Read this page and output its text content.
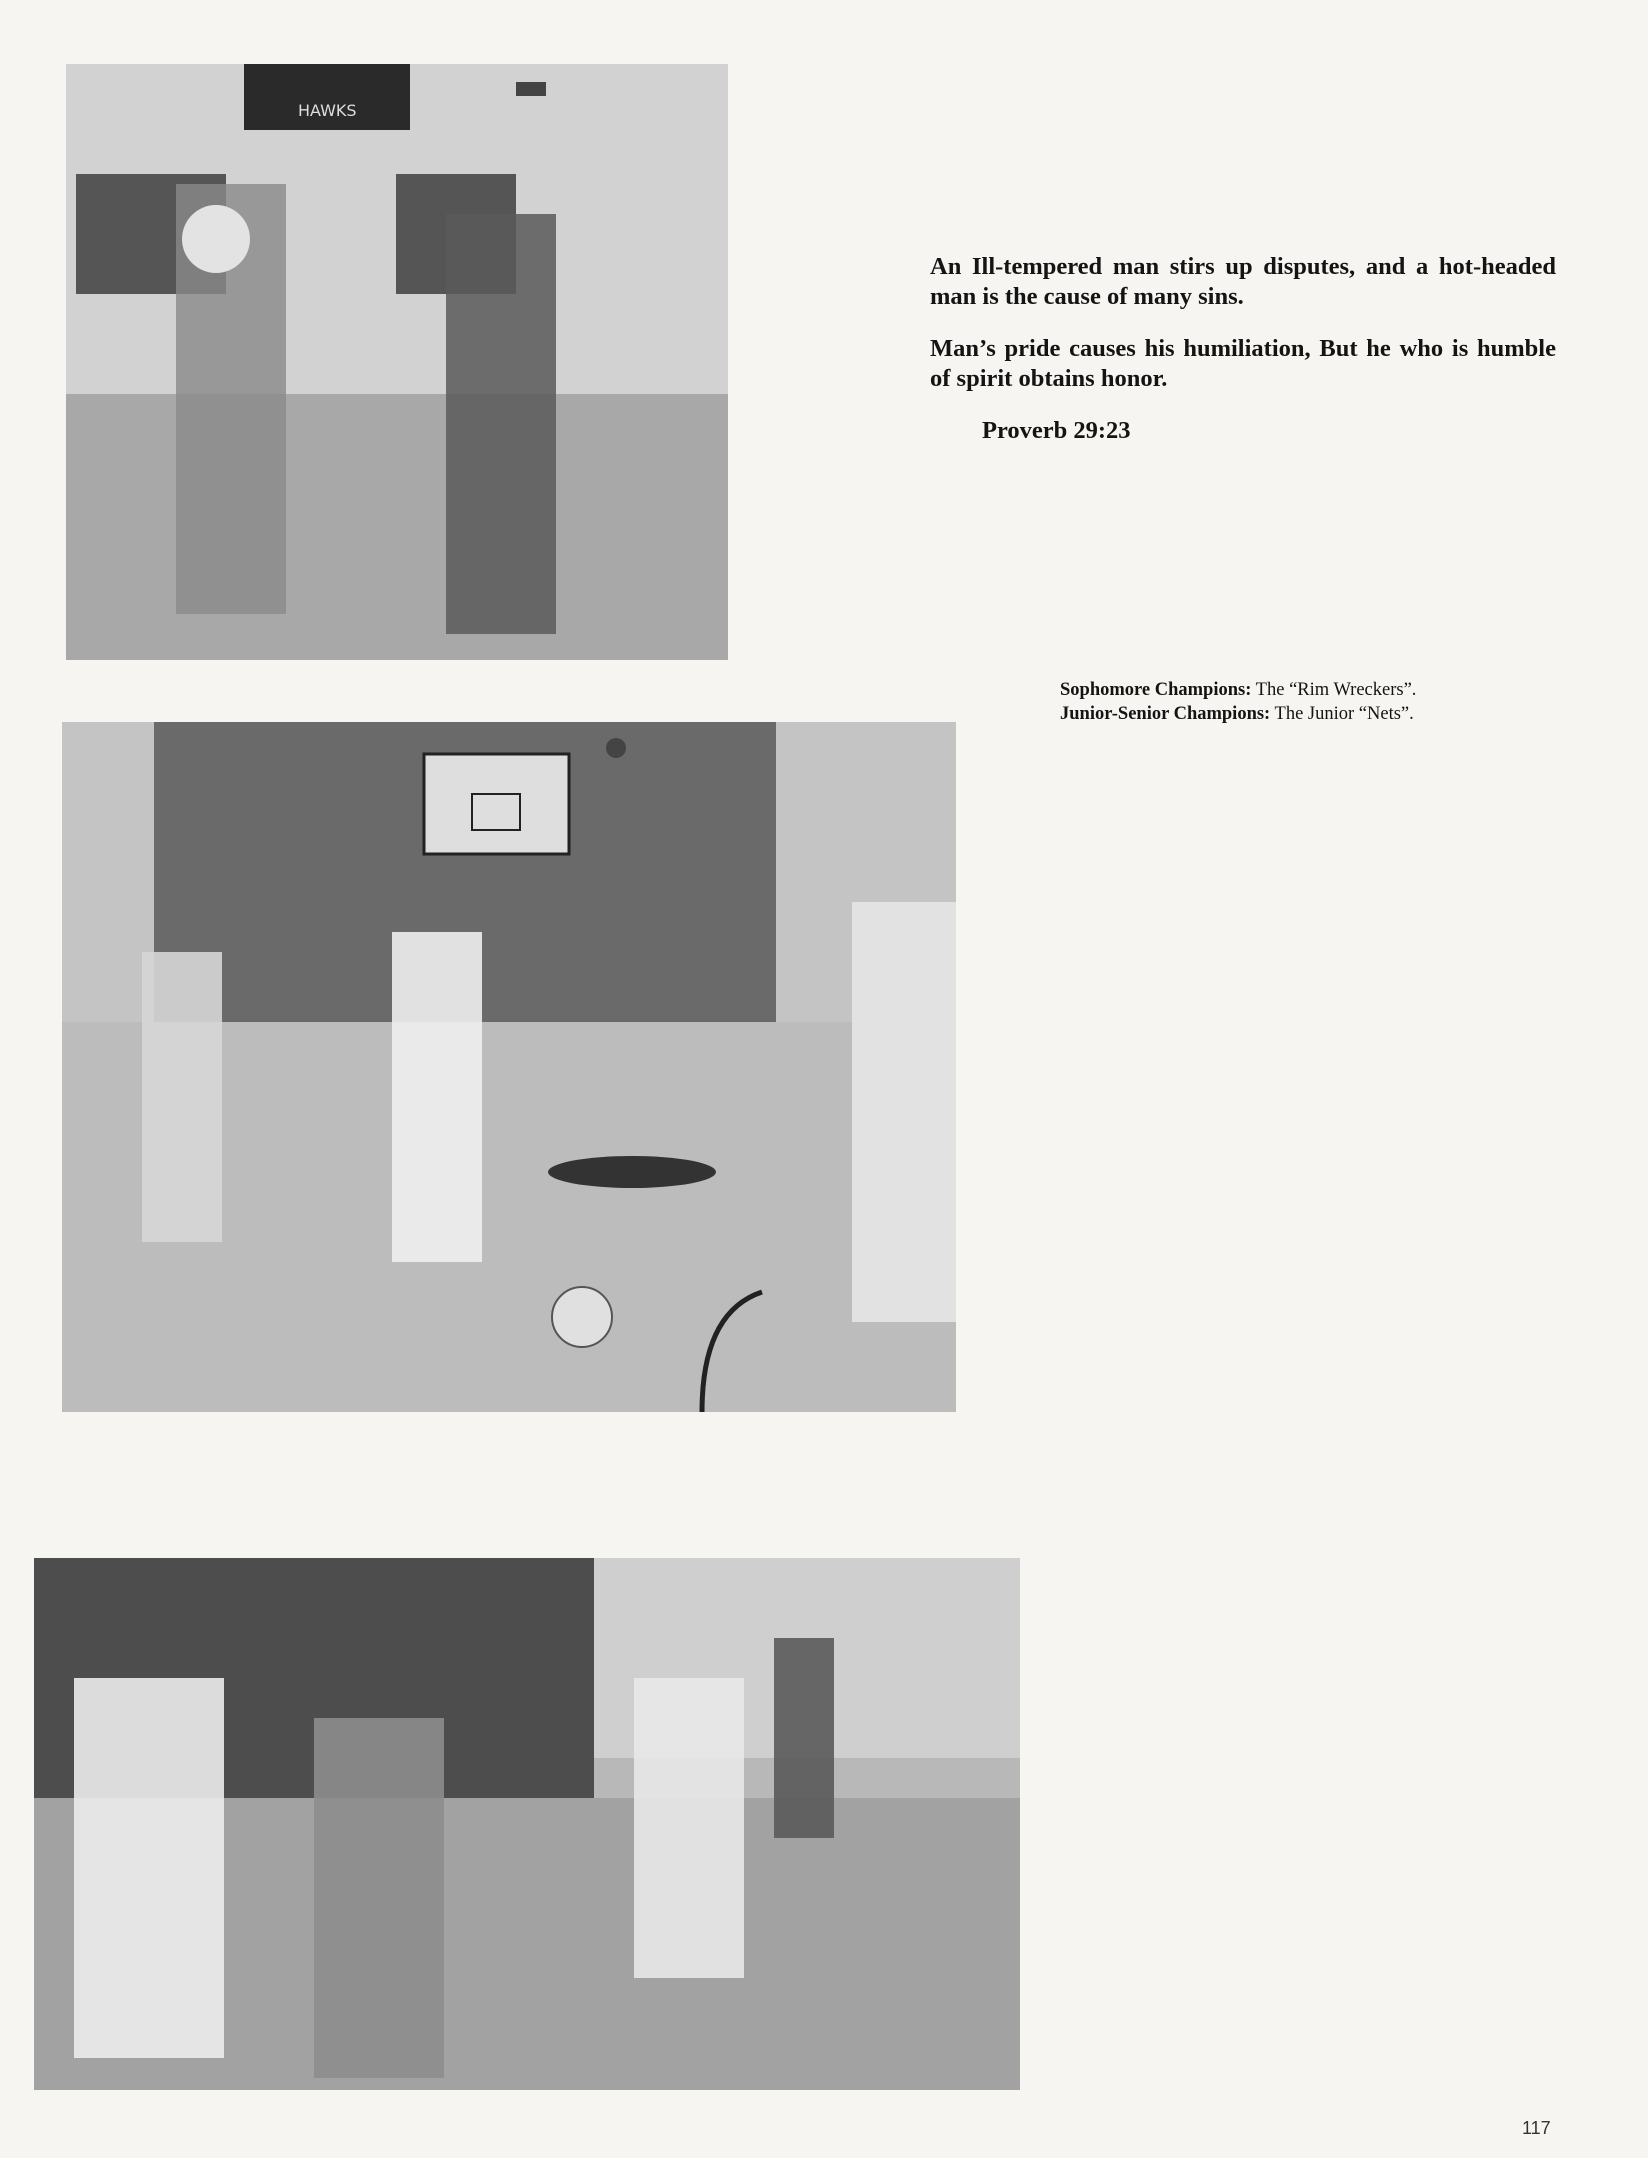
HAWKS

An Ill-tempered man stirs up disputes, and a hot-headed man is the cause of many sins.

Man’s pride causes his humiliation, But he who is humble of spirit obtains honor.

Proverb 29:23

Sophomore Champions: The “Rim Wreckers”.
Junior-Senior Champions: The Junior “Nets”.
117
